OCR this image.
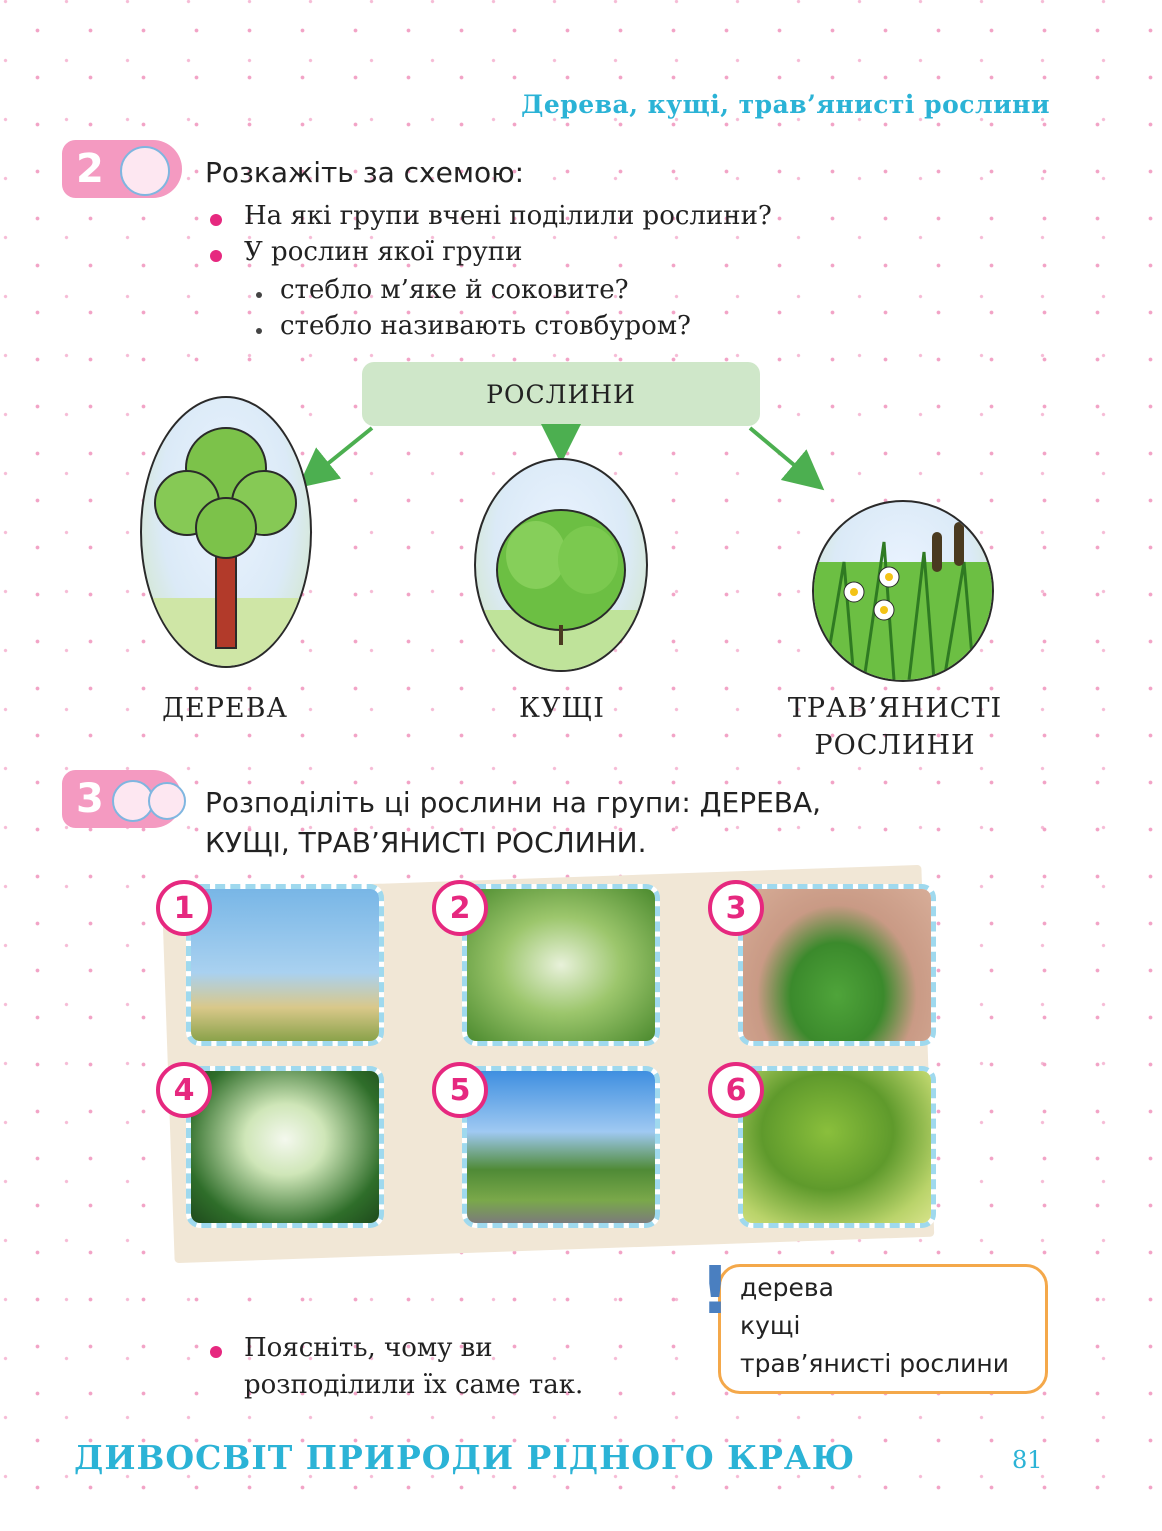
Дерева, кущі, трав’янисті рослини
2	Розкажіть за схемою:
На які групи вчені поділили рослини?
У рослин якої групи
стебло м’яке й соковите?
стебло називають стовбуром?
РОСЛИНИ
ДЕРЕВА	КУЩІ	ТРАВ’ЯНИСТІ
РОСЛИНИ
3	Розподіліть ці рослини на групи: ДЕРЕВА,
КУЩІ, ТРАВ’ЯНИСТІ РОСЛИНИ.
1	2	3
4	5	6
Поясніть, чому ви
розподілили їх саме так.
! дерева
кущі
трав’янисті рослини
ДИВОСВІТ ПРИРОДИ РІДНОГО КРАЮ	81
